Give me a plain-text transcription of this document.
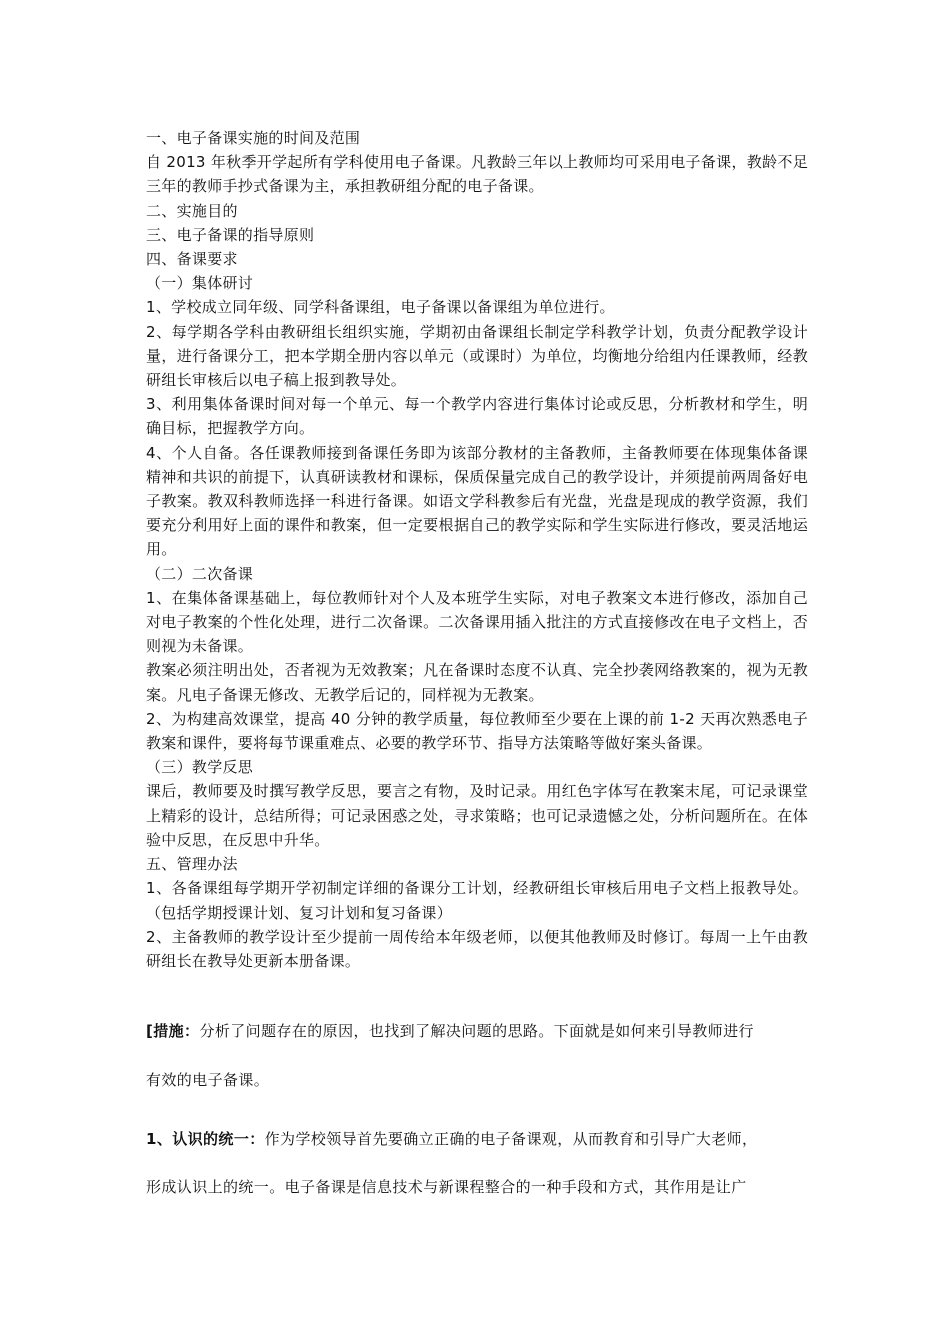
一、电子备课实施的时间及范围

自 2013 年秋季开学起所有学科使用电子备课。凡教龄三年以上教师均可采用电子备课，教龄不足三年的教师手抄式备课为主，承担教研组分配的电子备课。

二、实施目的

三、电子备课的指导原则

四、备课要求

（一）集体研讨

1、学校成立同年级、同学科备课组，电子备课以备课组为单位进行。

2、每学期各学科由教研组长组织实施，学期初由备课组长制定学科教学计划，负责分配教学设计量，进行备课分工，把本学期全册内容以单元（或课时）为单位，均衡地分给组内任课教师，经教研组长审核后以电子稿上报到教导处。

3、利用集体备课时间对每一个单元、每一个教学内容进行集体讨论或反思，分析教材和学生，明确目标，把握教学方向。

4、个人自备。各任课教师接到备课任务即为该部分教材的主备教师，主备教师要在体现集体备课精神和共识的前提下，认真研读教材和课标，保质保量完成自己的教学设计，并须提前两周备好电子教案。教双科教师选择一科进行备课。如语文学科教参后有光盘，光盘是现成的教学资源，我们要充分利用好上面的课件和教案，但一定要根据自己的教学实际和学生实际进行修改，要灵活地运用。

（二）二次备课

1、在集体备课基础上，每位教师针对个人及本班学生实际，对电子教案文本进行修改，添加自己对电子教案的个性化处理，进行二次备课。二次备课用插入批注的方式直接修改在电子文档上，否则视为未备课。

教案必须注明出处，否者视为无效教案；凡在备课时态度不认真、完全抄袭网络教案的，视为无教案。凡电子备课无修改、无教学后记的，同样视为无教案。

2、为构建高效课堂，提高 40 分钟的教学质量，每位教师至少要在上课的前 1-2 天再次熟悉电子教案和课件，要将每节课重难点、必要的教学环节、指导方法策略等做好案头备课。

（三）教学反思

课后，教师要及时撰写教学反思，要言之有物，及时记录。用红色字体写在教案末尾，可记录课堂上精彩的设计，总结所得；可记录困惑之处，寻求策略；也可记录遗憾之处，分析问题所在。在体验中反思，在反思中升华。

五、管理办法

1、各备课组每学期开学初制定详细的备课分工计划，经教研组长审核后用电子文档上报教导处。（包括学期授课计划、复习计划和复习备课）

2、主备教师的教学设计至少提前一周传给本年级老师，以便其他教师及时修订。每周一上午由教研组长在教导处更新本册备课。

[措施：分析了问题存在的原因，也找到了解决问题的思路。下面就是如何来引导教师进行

有效的电子备课。

1、认识的统一：作为学校领导首先要确立正确的电子备课观，从而教育和引导广大老师，

形成认识上的统一。电子备课是信息技术与新课程整合的一种手段和方式，其作用是让广
